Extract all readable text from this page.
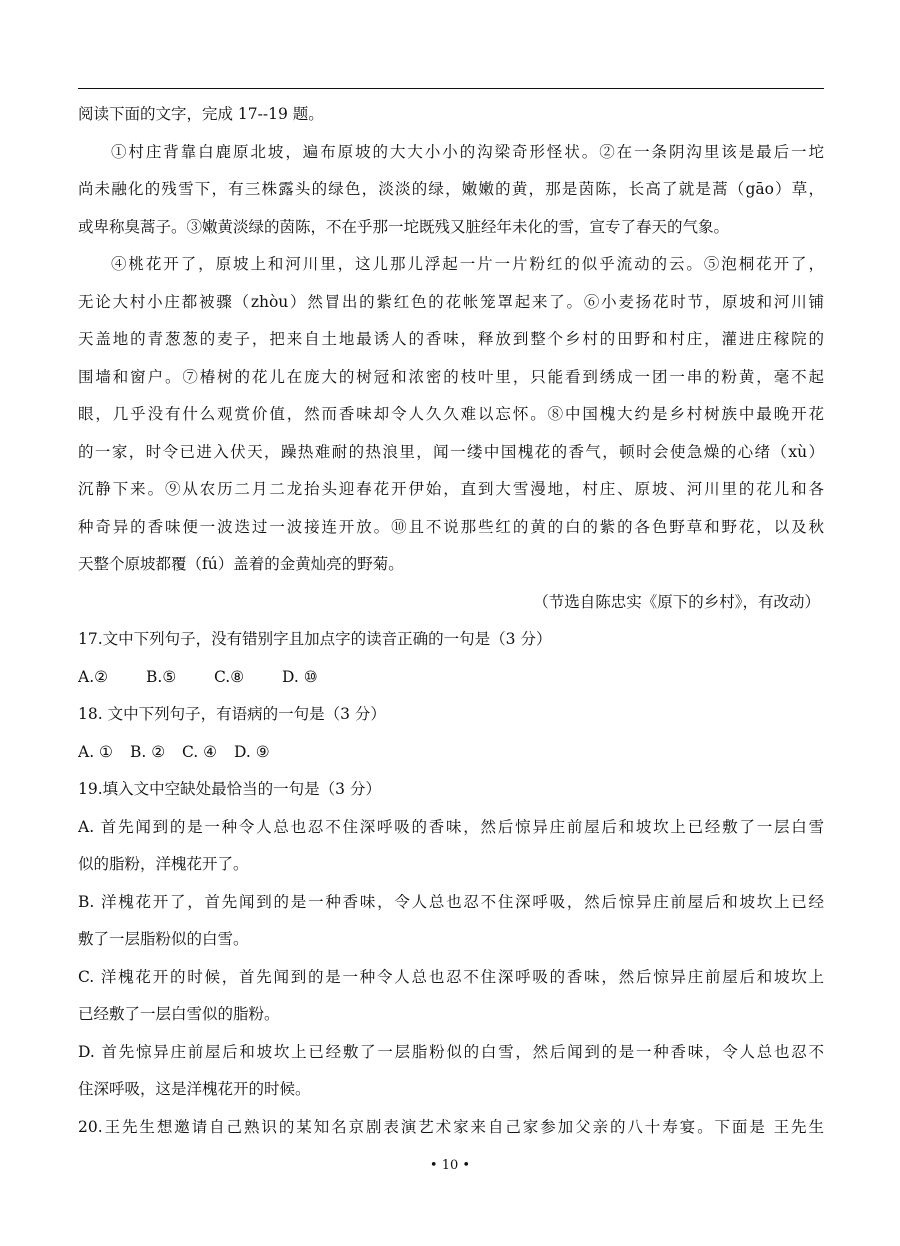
阅读下面的文字，完成 17--19 题。
①村庄背靠白鹿原北坡，遍布原坡的大大小小的沟梁奇形怪状。②在一条阴沟里该是最后一坨
尚未融化的残雪下，有三株露头的绿色，淡淡的绿，嫩嫩的黄，那是茵陈，长高了就是蒿（gāo）草，
或卑称臭蒿子。③嫩黄淡绿的茵陈，不在乎那一坨既残又脏经年未化的雪，宣专了春天的气象。
④桃花开了，原坡上和河川里，这儿那儿浮起一片一片粉红的似乎流动的云。⑤泡桐花开了，
无论大村小庄都被骤（zhòu）然冒出的紫红色的花帐笼罩起来了。⑥小麦扬花时节，原坡和河川铺
天盖地的青葱葱的麦子，把来自土地最诱人的香味，释放到整个乡村的田野和村庄，灌进庄稼院的
围墙和窗户。⑦椿树的花儿在庞大的树冠和浓密的枝叶里，只能看到绣成一团一串的粉黄，毫不起
眼，几乎没有什么观赏价值，然而香味却令人久久难以忘怀。⑧中国槐大约是乡村树族中最晚开花
的一家，时令已进入伏天，躁热难耐的热浪里，闻一缕中国槐花的香气，顿时会使急燥的心绪（xù）
沉静下来。⑨从农历二月二龙抬头迎春花开伊始，直到大雪漫地，村庄、原坡、河川里的花儿和各
种奇异的香味便一波迭过一波接连开放。⑩且不说那些红的黄的白的紫的各色野草和野花，以及秋
天整个原坡都覆（fú）盖着的金黄灿亮的野菊。
（节选自陈忠实《原下的乡村》，有改动）
17.文中下列句子，没有错别字且加点字的读音正确的一句是（3 分）
A.② B.⑤ C.⑧ D. ⑩
18. 文中下列句子，有语病的一句是（3 分）
A. ① B. ② C. ④ D. ⑨
19.填入文中空缺处最恰当的一句是（3 分）
A. 首先闻到的是一种令人总也忍不住深呼吸的香味，然后惊异庄前屋后和坡坎上已经敷了一层白雪
似的脂粉，洋槐花开了。
B. 洋槐花开了，首先闻到的是一种香味，令人总也忍不住深呼吸，然后惊异庄前屋后和坡坎上已经
敷了一层脂粉似的白雪。
C. 洋槐花开的时候，首先闻到的是一种令人总也忍不住深呼吸的香味，然后惊异庄前屋后和坡坎上
已经敷了一层白雪似的脂粉。
D. 首先惊异庄前屋后和坡坎上已经敷了一层脂粉似的白雪，然后闻到的是一种香味，令人总也忍不
住深呼吸，这是洋槐花开的时候。
20.王先生想邀请自己熟识的某知名京剧表演艺术家来自己家参加父亲的八十寿宴。下面是 王先生
• 10 •
